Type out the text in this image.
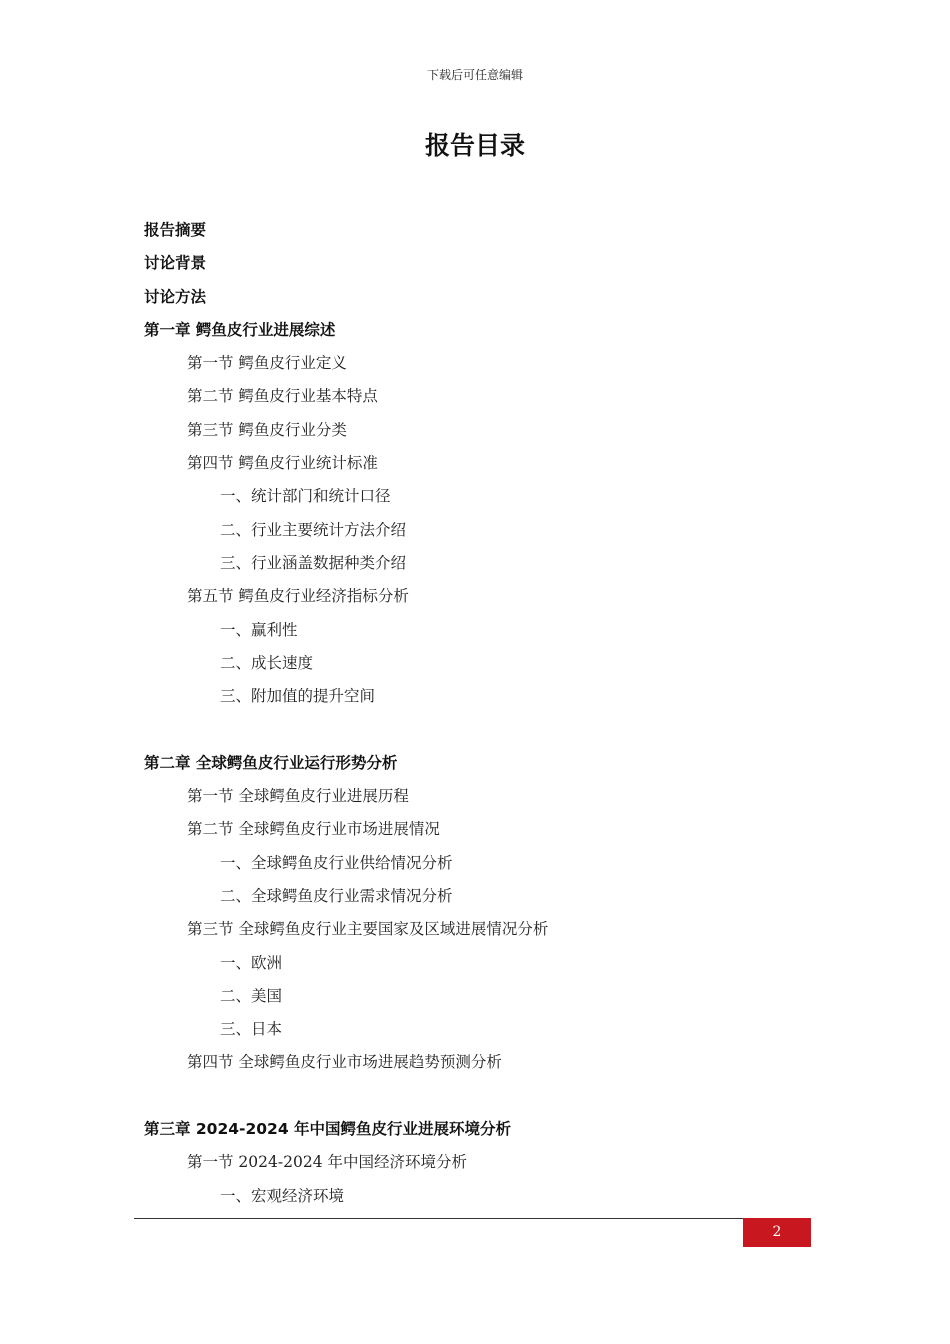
下载后可任意编辑
报告目录
报告摘要
讨论背景
讨论方法
第一章 鳄鱼皮行业进展综述
第一节 鳄鱼皮行业定义
第二节 鳄鱼皮行业基本特点
第三节 鳄鱼皮行业分类
第四节 鳄鱼皮行业统计标准
一、统计部门和统计口径
二、行业主要统计方法介绍
三、行业涵盖数据种类介绍
第五节 鳄鱼皮行业经济指标分析
一、赢利性
二、成长速度
三、附加值的提升空间
第二章 全球鳄鱼皮行业运行形势分析
第一节 全球鳄鱼皮行业进展历程
第二节 全球鳄鱼皮行业市场进展情况
一、全球鳄鱼皮行业供给情况分析
二、全球鳄鱼皮行业需求情况分析
第三节 全球鳄鱼皮行业主要国家及区域进展情况分析
一、欧洲
二、美国
三、日本
第四节 全球鳄鱼皮行业市场进展趋势预测分析
第三章 2024-2024 年中国鳄鱼皮行业进展环境分析
第一节 2024-2024 年中国经济环境分析
一、宏观经济环境
2
